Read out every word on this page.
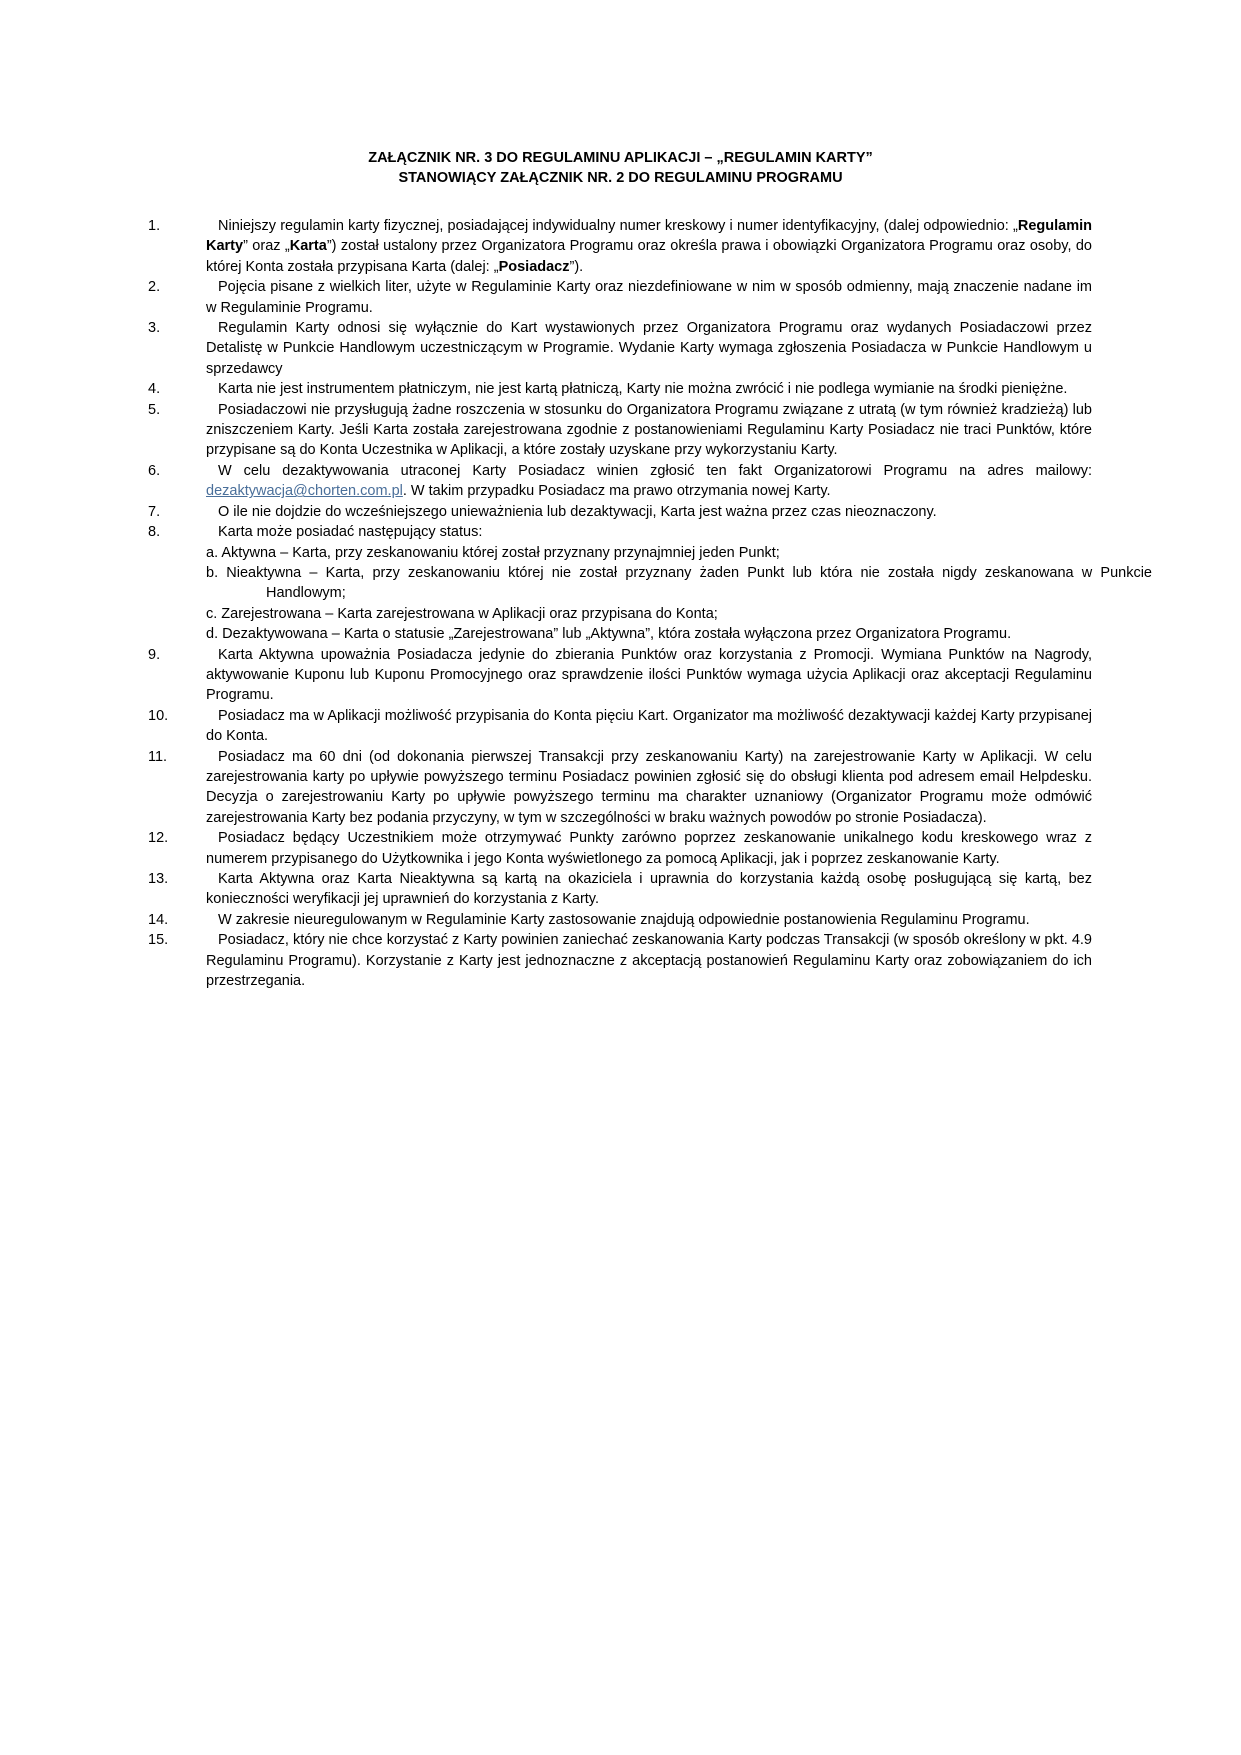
ZAŁĄCZNIK NR. 3 DO REGULAMINU APLIKACJI – „REGULAMIN KARTY”
STANOWIĄCY ZAŁĄCZNIK NR. 2 DO REGULAMINU PROGRAMU
1.	Niniejszy regulamin karty fizycznej, posiadającej indywidualny numer kreskowy i numer identyfikacyjny, (dalej odpowiednio: „Regulamin Karty” oraz „Karta”) został ustalony przez Organizatora Programu oraz określa prawa i obowiązki Organizatora Programu oraz osoby, do której Konta została przypisana Karta (dalej: „Posiadacz”).
2.	Pojęcia pisane z wielkich liter, użyte w Regulaminie Karty oraz niezdefiniowane w nim w sposób odmienny, mają znaczenie nadane im w Regulaminie Programu.
3.	Regulamin Karty odnosi się wyłącznie do Kart wystawionych przez Organizatora Programu oraz wydanych Posiadaczowi przez Detalistę w Punkcie Handlowym uczestniczącym w Programie. Wydanie Karty wymaga zgłoszenia Posiadacza w Punkcie Handlowym u sprzedawcy
4.	Karta nie jest instrumentem płatniczym, nie jest kartą płatniczą, Karty nie można zwrócić i nie podlega wymianie na środki pieniężne.
5.	Posiadaczowi nie przysługują żadne roszczenia w stosunku do Organizatora Programu związane z utratą (w tym również kradzieżą) lub zniszczeniem Karty. Jeśli Karta została zarejestrowana zgodnie z postanowieniami Regulaminu Karty Posiadacz nie traci Punktów, które przypisane są do Konta Uczestnika w Aplikacji, a które zostały uzyskane przy wykorzystaniu Karty.
6.	W celu dezaktywowania utraconej Karty Posiadacz winien zgłosić ten fakt Organizatorowi Programu na adres mailowy: dezaktywacja@chorten.com.pl. W takim przypadku Posiadacz ma prawo otrzymania nowej Karty.
7.	O ile nie dojdzie do wcześniejszego unieważnienia lub dezaktywacji, Karta jest ważna przez czas nieoznaczony.
8.	Karta może posiadać następujący status:
a. Aktywna – Karta, przy zeskanowaniu której został przyznany przynajmniej jeden Punkt;
b. Nieaktywna – Karta, przy zeskanowaniu której nie został przyznany żaden Punkt lub która nie została nigdy zeskanowana w Punkcie Handlowym;
c. Zarejestrowana – Karta zarejestrowana w Aplikacji oraz przypisana do Konta;
d. Dezaktywowana – Karta o statusie „Zarejestrowana” lub „Aktywna”, która została wyłączona przez Organizatora Programu.
9.	Karta Aktywna upoważnia Posiadacza jedynie do zbierania Punktów oraz korzystania z Promocji. Wymiana Punktów na Nagrody, aktywowanie Kuponu lub Kuponu Promocyjnego oraz sprawdzenie ilości Punktów wymaga użycia Aplikacji oraz akceptacji Regulaminu Programu.
10.	Posiadacz ma w Aplikacji możliwość przypisania do Konta pięciu Kart. Organizator ma możliwość dezaktywacji każdej Karty przypisanej do Konta.
11.	Posiadacz ma 60 dni (od dokonania pierwszej Transakcji przy zeskanowaniu Karty) na zarejestrowanie Karty w Aplikacji. W celu zarejestrowania karty po upływie powyższego terminu Posiadacz powinien zgłosić się do obsługi klienta pod adresem email Helpdesku. Decyzja o zarejestrowaniu Karty po upływie powyższego terminu ma charakter uznaniowy (Organizator Programu może odmówić zarejestrowania Karty bez podania przyczyny, w tym w szczególności w braku ważnych powodów po stronie Posiadacza).
12.	Posiadacz będący Uczestnikiem może otrzymywać Punkty zarówno poprzez zeskanowanie unikalnego kodu kreskowego wraz z numerem przypisanego do Użytkownika i jego Konta wyświetlonego za pomocą Aplikacji, jak i poprzez zeskanowanie Karty.
13.	Karta Aktywna oraz Karta Nieaktywna są kartą na okaziciela i uprawnia do korzystania każdą osobę posługującą się kartą, bez konieczności weryfikacji jej uprawnień do korzystania z Karty.
14.	W zakresie nieuregulowanym w Regulaminie Karty zastosowanie znajdują odpowiednie postanowienia Regulaminu Programu.
15.	Posiadacz, który nie chce korzystać z Karty powinien zaniechać zeskanowania Karty podczas Transakcji (w sposób określony w pkt. 4.9 Regulaminu Programu). Korzystanie z Karty jest jednoznaczne z akceptacją postanowień Regulaminu Karty oraz zobowiązaniem do ich przestrzegania.
